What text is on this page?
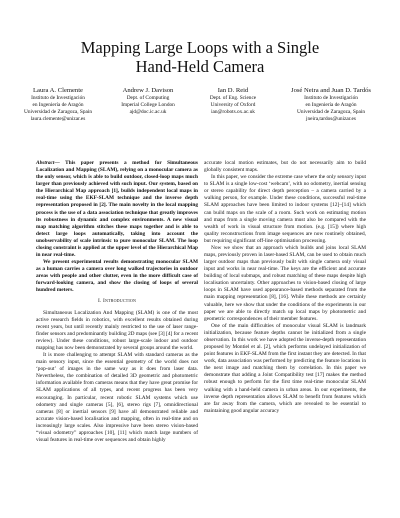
Mapping Large Loops with a Single
Hand-Held Camera
Laura A. Clemente
Instituto de Investigación
en Ingeniería de Aragón
Universidad de Zaragoza, Spain
laura.clemente@unizar.es
Andrew J. Davison
Dept. of Computing
Imperial College London
ajd@doc.ic.ac.uk
Ian D. Reid
Dept. of Eng. Science
University of Oxford
ian@robots.ox.ac.uk
José Neira and Juan D. Tardós
Instituto de Investigación
en Ingeniería de Aragón
Universidad de Zaragoza, Spain
jneira,tardos@unizar.es

Abstract— This paper presents a method for Simultaneous Localization and Mapping (SLAM), relying on a monocular camera as the only sensor, which is able to build outdoor, closed-loop maps much larger than previously achieved with such input. Our system, based on the Hierarchical Map approach [1], builds independent local maps in real-time using the EKF-SLAM technique and the inverse depth representation proposed in [2]. The main novelty in the local mapping process is the use of a data association technique that greatly improves its robustness in dynamic and complex environments. A new visual map matching algorithm stitches these maps together and is able to detect large loops automatically, taking into account the unobservability of scale intrinsic to pure monocular SLAM. The loop closing constraint is applied at the upper level of the Hierarchical Map in near real-time.

We present experimental results demonstrating monocular SLAM as a human carries a camera over long walked trajectories in outdoor areas with people and other clutter, even in the more difficult case of forward-looking camera, and show the closing of loops of several hundred meters.

I. Introduction

Simultaneous Localization And Mapping (SLAM) is one of the most active research fields in robotics, with excellent results obtained during recent years, but until recently mainly restricted to the use of laser range-finder sensors and predominantly building 2D maps (see [3] [4] for a recent review). Under these conditions, robust large-scale indoor and outdoor mapping has now been demonstrated by several groups around the world.

It is more challenging to attempt SLAM with standard cameras as the main sensory input, since the essential geometry of the world does not ‘pop-out’ of images in the same way as it does from laser data. Nevertheless, the combination of detailed 3D geometric and photometric information available from cameras means that they have great promise for SLAM applications of all types, and recent progress has been very encouraging. In particular, recent robotic SLAM systems which use odometry and single cameras [5], [6], stereo rigs [7], omnidirectional cameras [8] or inertial sensors [9] have all demonstrated reliable and accurate vision-based localisation and mapping, often in real-time and on increasingly large scales. Also impressive have been stereo vision-based “visual odometry” approaches [10], [11] which match large numbers of visual features in real-time over sequences and obtain highly

accurate local motion estimates, but do not necessarily aim to build globally consistent maps.

In this paper, we consider the extreme case where the only sensory input to SLAM is a single low-cost ‘webcam’, with no odometry, inertial sensing or stereo capability for direct depth perception – a camera carried by a walking person, for example. Under these conditions, successful real-time SLAM approaches have been limited to indoor systems [12]–[14] which can build maps on the scale of a room. Such work on estimating motion and maps from a single moving camera must also be compared with the wealth of work in visual structure from motion. (e.g. [15]) where high quality reconstructions from image sequences are now routinely obtained, but requiring significant off-line optimisation processing.

Now we show that an approach which builds and joins local SLAM maps, previously proven in laser-based SLAM, can be used to obtain much larger outdoor maps than previously built with single camera only visual input and works in near real-time. The keys are the efficient and accurate building of local submaps, and robust matching of these maps despite high localisation uncertainty. Other approaches to vision-based closing of large loops in SLAM have used appearance-based methods separated from the main mapping representation [8], [16]. While these methods are certainly valuable, here we show that under the conditions of the experiments in our paper we are able to directly match up local maps by photometric and geometric correspondences of their member features.

One of the main difficulties of monocular visual SLAM is landmark initialization, because feature depths cannot be initialized from a single observation. In this work we have adopted the inverse-depth representation proposed by Montiel et al. [2], which performs undelayed initialization of point features in EKF-SLAM from the first instant they are detected. In that work, data association was performed by predicting the feature locations in the next image and matching them by correlation. In this paper we demonstrate that adding a Joint Compatibility test [17] makes the method robust enough to perform for the first time real-time monocular SLAM walking with a hand-held camera in urban areas. In our experiments, the inverse depth representation allows SLAM to benefit from features which are far away from the camera, which are revealed to be essential to maintaining good angular accuracy
